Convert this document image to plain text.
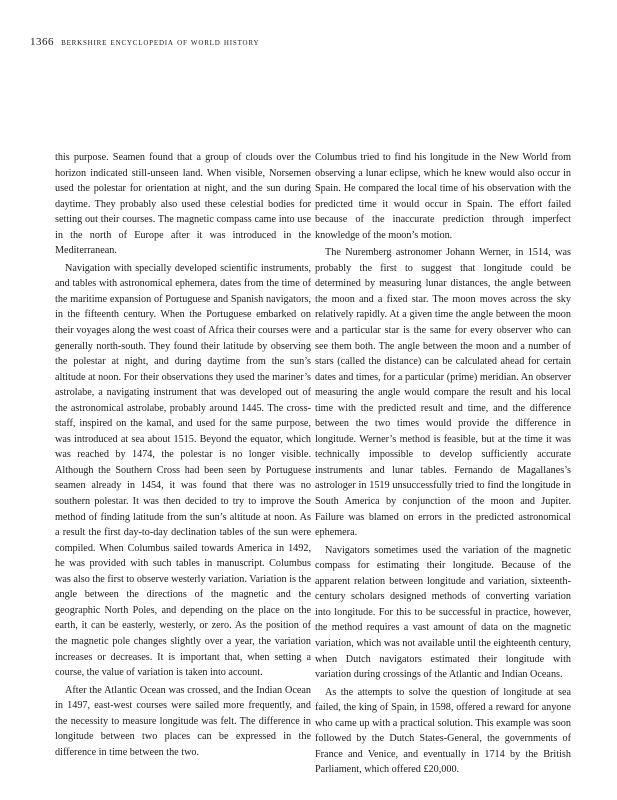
1366 berkshire encyclopedia of world history

this purpose. Seamen found that a group of clouds over the horizon indicated still-unseen land. When visible, Norsemen used the polestar for orientation at night, and the sun during daytime. They probably also used these celestial bodies for setting out their courses. The magnetic compass came into use in the north of Europe after it was introduced in the Mediterranean.

Navigation with specially developed scientific instruments, and tables with astronomical ephemera, dates from the time of the maritime expansion of Portuguese and Spanish navigators, in the fifteenth century. When the Portuguese embarked on their voyages along the west coast of Africa their courses were generally north-south. They found their latitude by observing the polestar at night, and during daytime from the sun’s altitude at noon. For their observations they used the mariner’s astrolabe, a navigating instrument that was developed out of the astronomical astrolabe, probably around 1445. The cross-staff, inspired on the kamal, and used for the same purpose, was introduced at sea about 1515. Beyond the equator, which was reached by 1474, the polestar is no longer visible. Although the Southern Cross had been seen by Portuguese seamen already in 1454, it was found that there was no southern polestar. It was then decided to try to improve the method of finding latitude from the sun’s altitude at noon. As a result the first day-to-day declination tables of the sun were compiled. When Columbus sailed towards America in 1492, he was provided with such tables in manuscript. Columbus was also the first to observe westerly variation. Variation is the angle between the directions of the magnetic and the geographic North Poles, and depending on the place on the earth, it can be easterly, westerly, or zero. As the position of the magnetic pole changes slightly over a year, the variation increases or decreases. It is important that, when setting a course, the value of variation is taken into account.

After the Atlantic Ocean was crossed, and the Indian Ocean in 1497, east-west courses were sailed more frequently, and the necessity to measure longitude was felt. The difference in longitude between two places can be expressed in the difference in time between the two.

Columbus tried to find his longitude in the New World from observing a lunar eclipse, which he knew would also occur in Spain. He compared the local time of his observation with the predicted time it would occur in Spain. The effort failed because of the inaccurate prediction through imperfect knowledge of the moon’s motion.

The Nuremberg astronomer Johann Werner, in 1514, was probably the first to suggest that longitude could be determined by measuring lunar distances, the angle between the moon and a fixed star. The moon moves across the sky relatively rapidly. At a given time the angle between the moon and a particular star is the same for every observer who can see them both. The angle between the moon and a number of stars (called the distance) can be calculated ahead for certain dates and times, for a particular (prime) meridian. An observer measuring the angle would compare the result and his local time with the predicted result and time, and the difference between the two times would provide the difference in longitude. Werner’s method is feasible, but at the time it was technically impossible to develop sufficiently accurate instruments and lunar tables. Fernando de Magallanes’s astrologer in 1519 unsuccessfully tried to find the longitude in South America by conjunction of the moon and Jupiter. Failure was blamed on errors in the predicted astronomical ephemera.

Navigators sometimes used the variation of the magnetic compass for estimating their longitude. Because of the apparent relation between longitude and variation, sixteenth-century scholars designed methods of converting variation into longitude. For this to be successful in practice, however, the method requires a vast amount of data on the magnetic variation, which was not available until the eighteenth century, when Dutch navigators estimated their longitude with variation during crossings of the Atlantic and Indian Oceans.

As the attempts to solve the question of longitude at sea failed, the king of Spain, in 1598, offered a reward for anyone who came up with a practical solution. This example was soon followed by the Dutch States-General, the governments of France and Venice, and eventually in 1714 by the British Parliament, which offered £20,000.
